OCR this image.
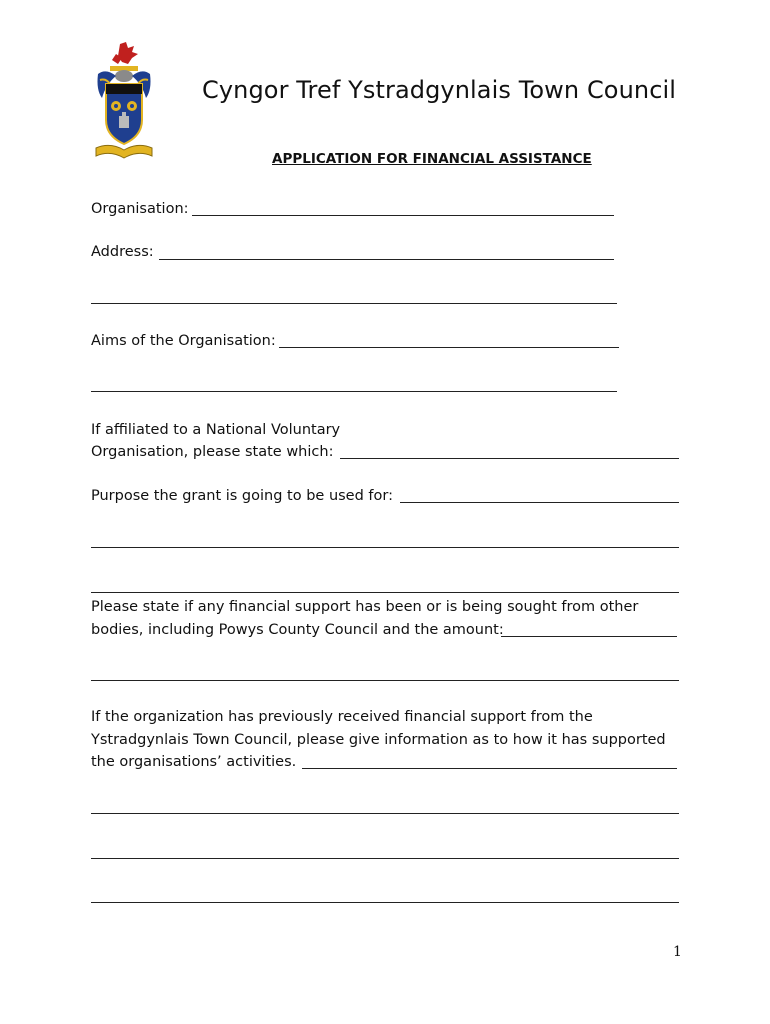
Cyngor Tref Ystradgynlais Town Council
APPLICATION FOR FINANCIAL ASSISTANCE
Organisation:
Address:
Aims of the Organisation:
If affiliated to a National Voluntary
Organisation, please state which:
Purpose the grant is going to be used for:
Please state if any financial support has been or is being sought from other
bodies, including Powys County Council and the amount:
If the organization has previously received financial support from the
Ystradgynlais Town Council, please give information as to how it has supported
the organisations’ activities.
1
